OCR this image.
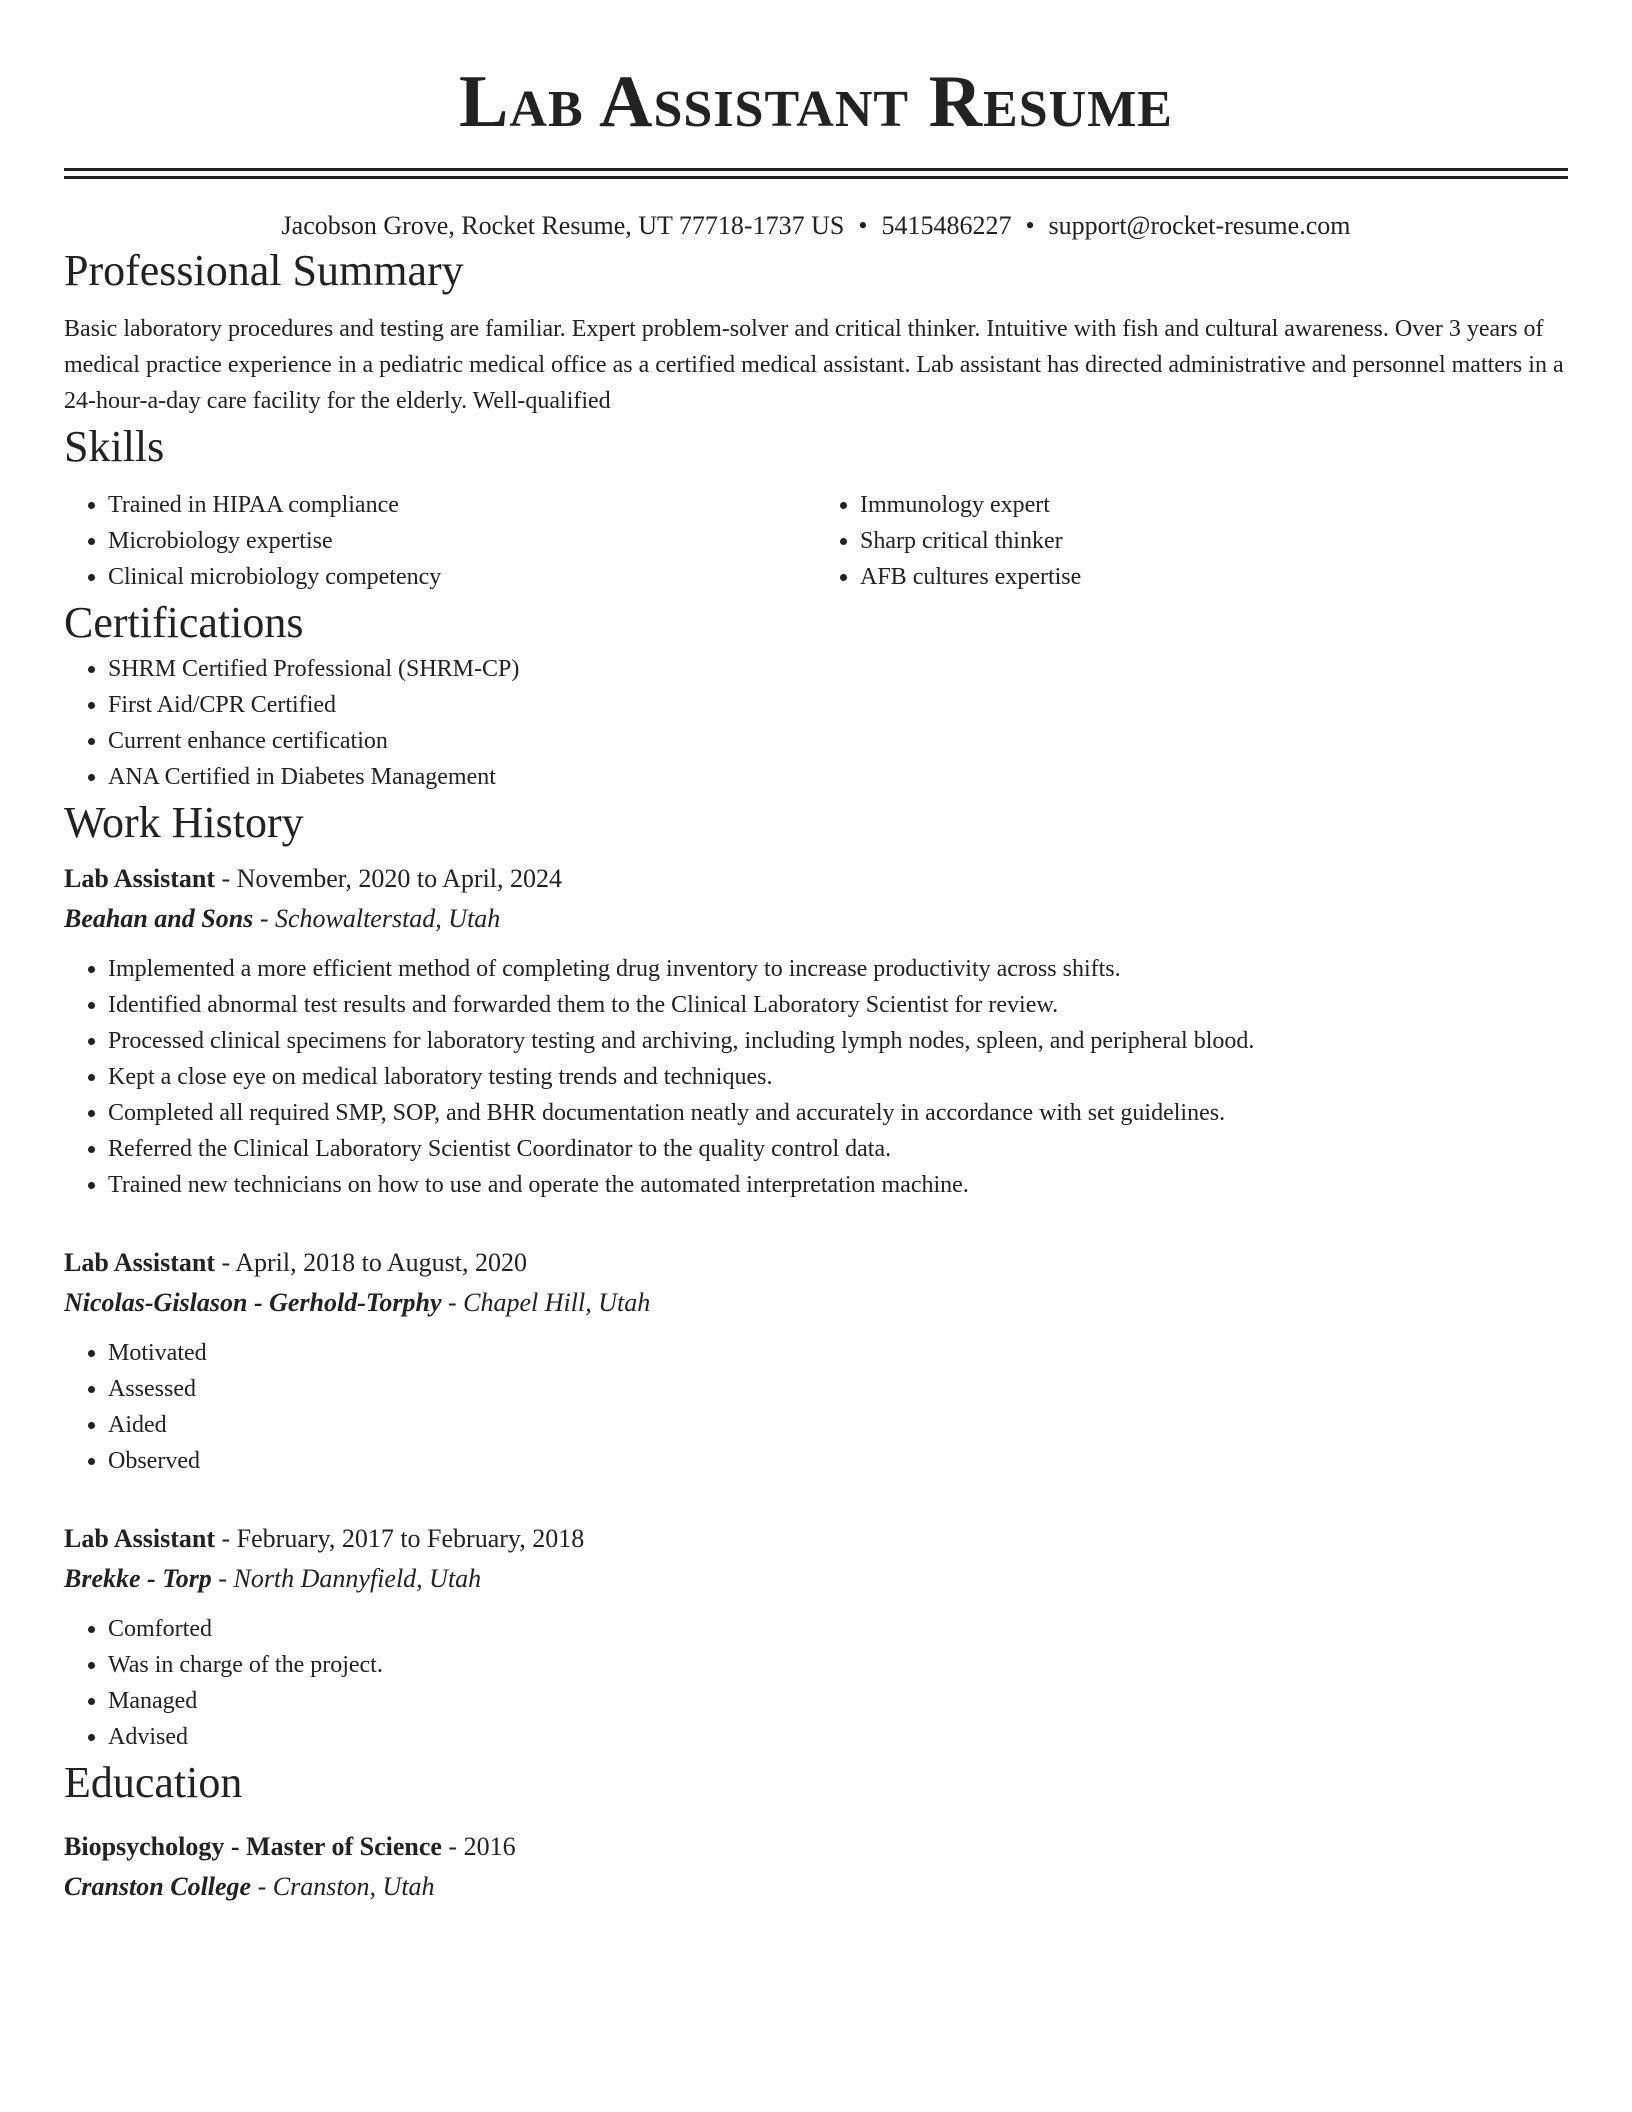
Lab Assistant Resume
Jacobson Grove, Rocket Resume, UT 77718-1737 US • 5415486227 • support@rocket-resume.com
Professional Summary

Basic laboratory procedures and testing are familiar. Expert problem-solver and critical thinker. Intuitive with fish and cultural awareness. Over 3 years of medical practice experience in a pediatric medical office as a certified medical assistant. Lab assistant has directed administrative and personnel matters in a 24-hour-a-day care facility for the elderly. Well-qualified

Skills
• Trained in HIPAA compliance
• Microbiology expertise
• Clinical microbiology competency
• Immunology expert
• Sharp critical thinker
• AFB cultures expertise
Certifications
• SHRM Certified Professional (SHRM-CP)
• First Aid/CPR Certified
• Current enhance certification
• ANA Certified in Diabetes Management
Work History
Lab Assistant - November, 2020 to April, 2024
Beahan and Sons - Schowalterstad, Utah
• Implemented a more efficient method of completing drug inventory to increase productivity across shifts.
• Identified abnormal test results and forwarded them to the Clinical Laboratory Scientist for review.
• Processed clinical specimens for laboratory testing and archiving, including lymph nodes, spleen, and peripheral blood.
• Kept a close eye on medical laboratory testing trends and techniques.
• Completed all required SMP, SOP, and BHR documentation neatly and accurately in accordance with set guidelines.
• Referred the Clinical Laboratory Scientist Coordinator to the quality control data.
• Trained new technicians on how to use and operate the automated interpretation machine.
Lab Assistant - April, 2018 to August, 2020
Nicolas-Gislason - Gerhold-Torphy - Chapel Hill, Utah
• Motivated
• Assessed
• Aided
• Observed
Lab Assistant - February, 2017 to February, 2018
Brekke - Torp - North Dannyfield, Utah
• Comforted
• Was in charge of the project.
• Managed
• Advised
Education
Biopsychology - Master of Science - 2016
Cranston College - Cranston, Utah
